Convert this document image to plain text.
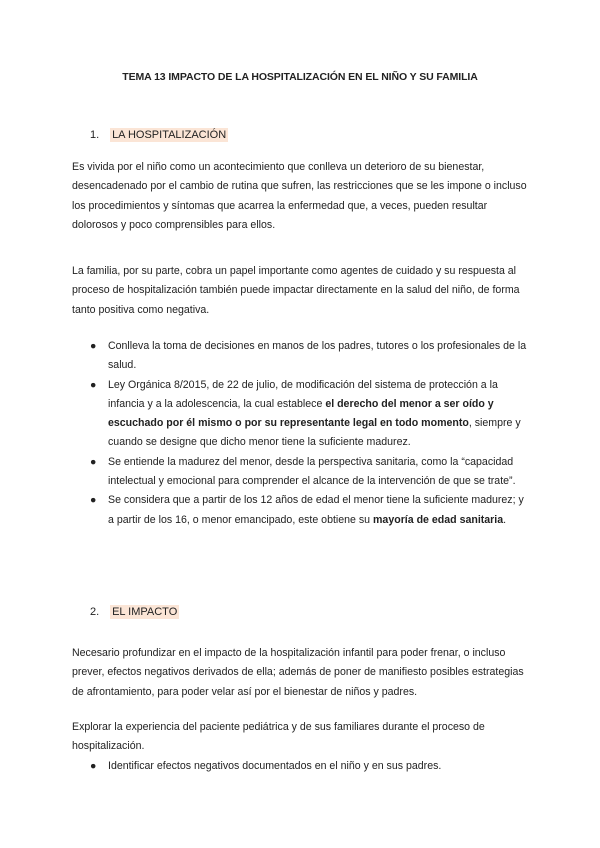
TEMA 13 IMPACTO DE LA HOSPITALIZACIÓN EN EL NIÑO Y SU FAMILIA
1. LA HOSPITALIZACIÓN

Es vivida por el niño como un acontecimiento que conlleva un deterioro de su bienestar, desencadenado por el cambio de rutina que sufren, las restricciones que se les impone o incluso los procedimientos y síntomas que acarrea la enfermedad que, a veces, pueden resultar dolorosos y poco comprensibles para ellos.

La familia, por su parte, cobra un papel importante como agentes de cuidado y su respuesta al proceso de hospitalización también puede impactar directamente en la salud del niño, de forma tanto positiva como negativa.

● Conlleva la toma de decisiones en manos de los padres, tutores o los profesionales de la salud.
● Ley Orgánica 8/2015, de 22 de julio, de modificación del sistema de protección a la infancia y a la adolescencia, la cual establece el derecho del menor a ser oído y escuchado por él mismo o por su representante legal en todo momento, siempre y cuando se designe que dicho menor tiene la suficiente madurez.
● Se entiende la madurez del menor, desde la perspectiva sanitaria, como la “capacidad intelectual y emocional para comprender el alcance de la intervención de que se trate”.
● Se considera que a partir de los 12 años de edad el menor tiene la suficiente madurez; y a partir de los 16, o menor emancipado, este obtiene su mayoría de edad sanitaria.
2. EL IMPACTO

Necesario profundizar en el impacto de la hospitalización infantil para poder frenar, o incluso prever, efectos negativos derivados de ella; además de poner de manifiesto posibles estrategias de afrontamiento, para poder velar así por el bienestar de niños y padres.

Explorar la experiencia del paciente pediátrica y de sus familiares durante el proceso de hospitalización.

● Identificar efectos negativos documentados en el niño y en sus padres.
